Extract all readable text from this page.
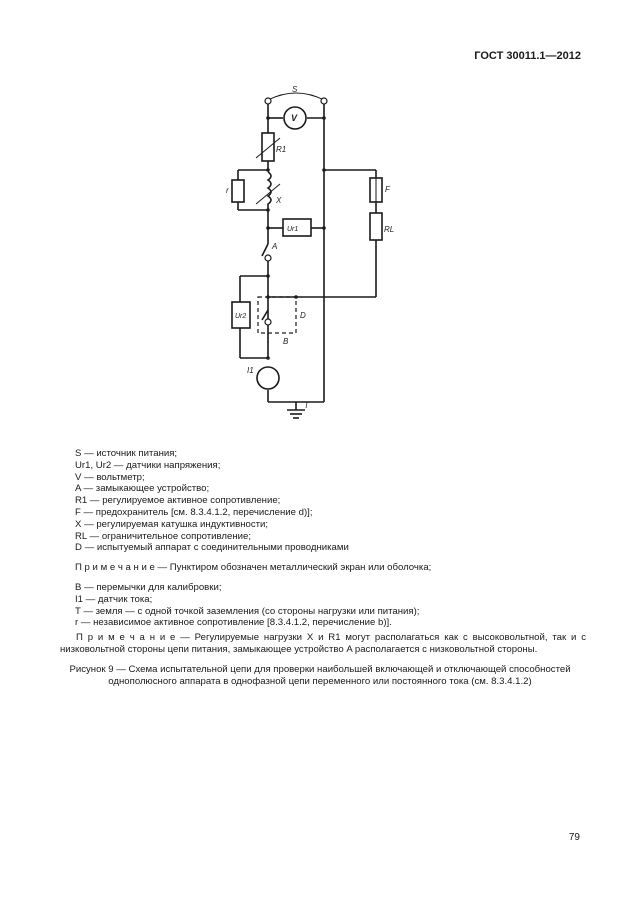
ГОСТ 30011.1—2012
S
V
R1
X
r	F
RL
Ur1
A
Ur2	D
B
I1
T
S — источник питания;
Ur1, Ur2 — датчики напряжения;
V — вольтметр;
A — замыкающее устройство;
R1 — регулируемое активное сопротивление;
F — предохранитель [см. 8.3.4.1.2, перечисление d)];
X — регулируемая катушка индуктивности;
RL — ограничительное сопротивление;
D — испытуемый аппарат с соединительными проводниками
П р и м е ч а н и е — Пунктиром обозначен металлический экран или оболочка;
B — перемычки для калибровки;
I1 — датчик тока;
T — земля — с одной точкой заземления (со стороны нагрузки или питания);
r — независимое активное сопротивление [8.3.4.1.2, перечисление b)].
П р и м е ч а н и е — Регулируемые нагрузки X и R1 могут располагаться как с высоковольтной, так и с низковольтной стороны цепи питания, замыкающее устройство A располагается с низковольтной стороны.
Рисунок 9 — Схема испытательной цепи для проверки наибольшей включающей и отключающей способностей однополюсного аппарата в однофазной цепи переменного или постоянного тока (см. 8.3.4.1.2)
79
